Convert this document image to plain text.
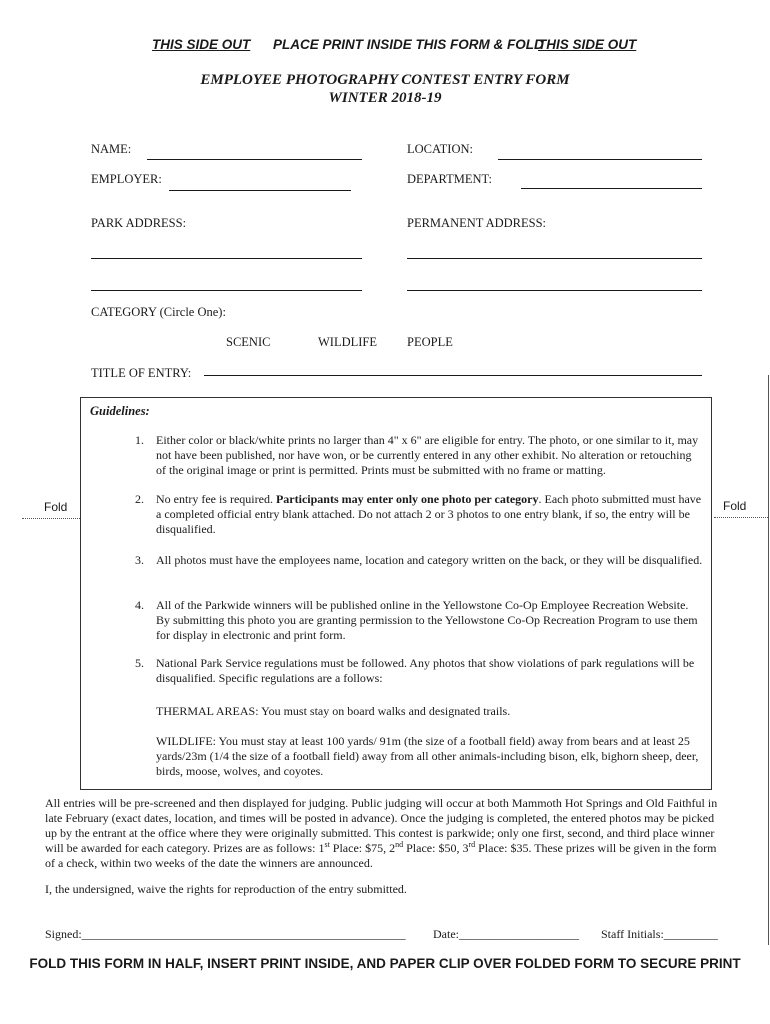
THIS SIDE OUT PLACE PRINT INSIDE THIS FORM & FOLD
THIS SIDE OUT
EMPLOYEE PHOTOGRAPHY CONTEST ENTRY FORM
WINTER 2018-19
NAME:	LOCATION:
EMPLOYER:	DEPARTMENT:
PARK ADDRESS:	PERMANENT ADDRESS:
CATEGORY (Circle One):
SCENIC	WILDLIFE PEOPLE
TITLE OF ENTRY:
Fold	Fold
Guidelines:
1. Either color or black/white prints no larger than 4" x 6" are eligible for entry. The photo, or one similar to it, may not have been published, nor have won, or be currently entered in any other exhibit. No alteration or retouching of the original image or print is permitted. Prints must be submitted with no frame or matting.
2. No entry fee is required. Participants may enter only one photo per category. Each photo submitted must have a completed official entry blank attached. Do not attach 2 or 3 photos to one entry blank, if so, the entry will be disqualified.
3. All photos must have the employees name, location and category written on the back, or they will be disqualified.
4. All of the Parkwide winners will be published online in the Yellowstone Co-Op Employee Recreation Website. By submitting this photo you are granting permission to the Yellowstone Co-Op Recreation Program to use them for display in electronic and print form.
5. National Park Service regulations must be followed. Any photos that show violations of park regulations will be disqualified. Specific regulations are a follows:
THERMAL AREAS: You must stay on board walks and designated trails.
WILDLIFE: You must stay at least 100 yards/ 91m (the size of a football field) away from bears and at least 25 yards/23m (1/4 the size of a football field) away from all other animals-including bison, elk, bighorn sheep, deer, birds, moose, wolves, and coyotes.
All entries will be pre-screened and then displayed for judging. Public judging will occur at both Mammoth Hot Springs and Old Faithful in late February (exact dates, location, and times will be posted in advance). Once the judging is completed, the entered photos may be picked up by the entrant at the office where they were originally submitted. This contest is parkwide; only one first, second, and third place winner will be awarded for each category. Prizes are as follows: 1st Place: $75, 2nd Place: $50, 3rd Place: $35. These prizes will be given in the form of a check, within two weeks of the date the winners are announced.
I, the undersigned, waive the rights for reproduction of the entry submitted.
Signed:______________________________________________________ Date:____________________ Staff Initials:_________
FOLD THIS FORM IN HALF, INSERT PRINT INSIDE, AND PAPER CLIP OVER FOLDED FORM TO SECURE PRINT
